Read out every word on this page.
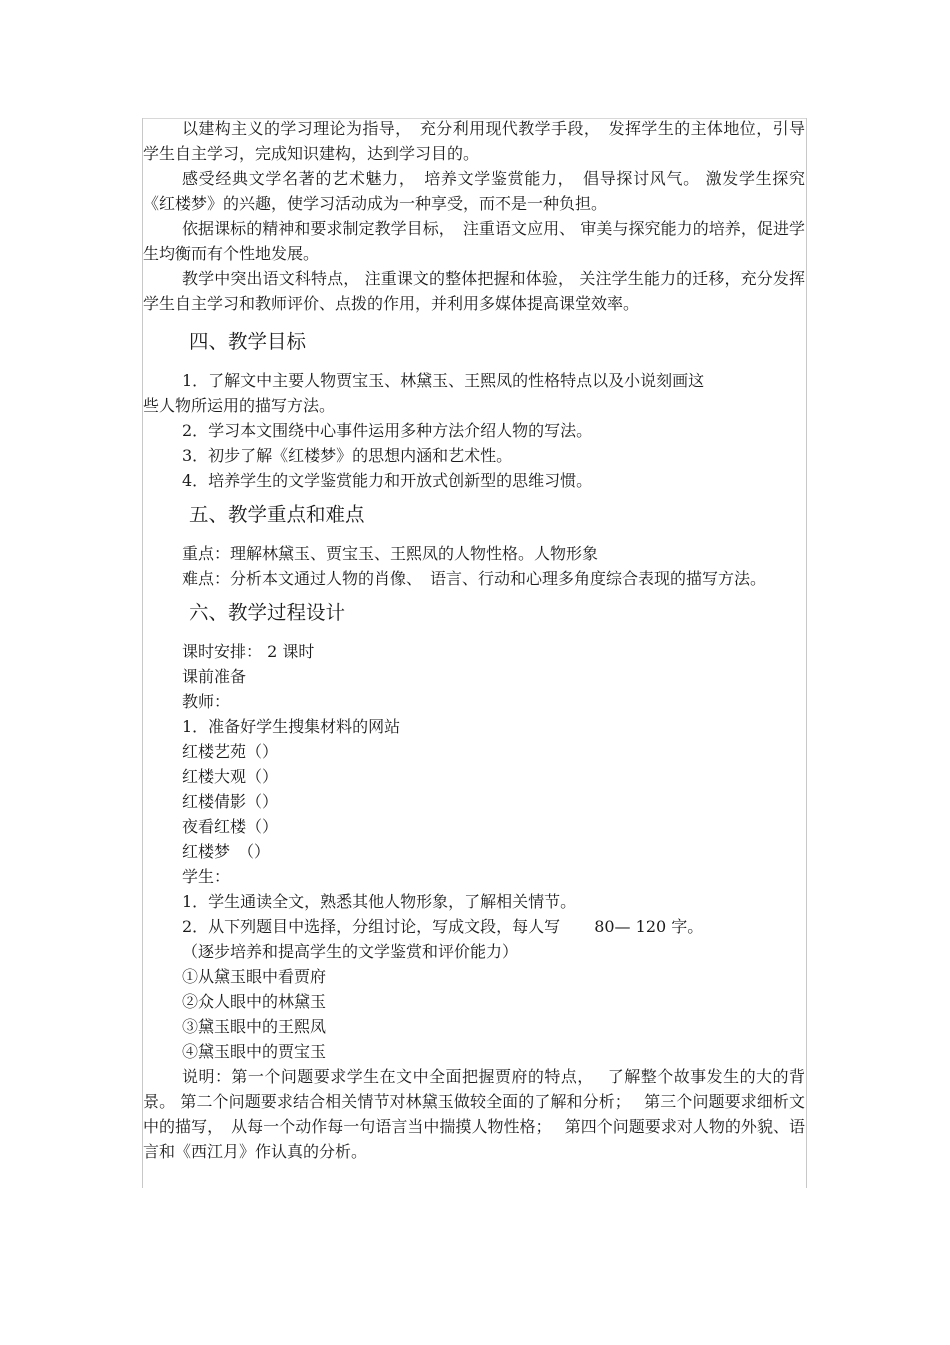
以建构主义的学习理论为指导，　充分利用现代教学手段，　发挥学生的主体地位，引导学生自主学习，完成知识建构，达到学习目的。

感受经典文学名著的艺术魅力，　培养文学鉴赏能力，　倡导探讨风气。 激发学生探究《红楼梦》的兴趣，使学习活动成为一种享受，而不是一种负担。

依据课标的精神和要求制定教学目标，　注重语文应用、 审美与探究能力的培养，促进学生均衡而有个性地发展。

教学中突出语文科特点， 注重课文的整体把握和体验， 关注学生能力的迁移，充分发挥学生自主学习和教师评价、点拨的作用，并利用多媒体提高课堂效率。

四、教学目标

1．了解文中主要人物贾宝玉、林黛玉、王熙凤的性格特点以及小说刻画这

些人物所运用的描写方法。

2．学习本文围绕中心事件运用多种方法介绍人物的写法。

3．初步了解《红楼梦》的思想内涵和艺术性。

4．培养学生的文学鉴赏能力和开放式创新型的思维习惯。

五、教学重点和难点

重点：理解林黛玉、贾宝玉、王熙凤的人物性格。人物形象

难点：分析本文通过人物的肖像、　语言、行动和心理多角度综合表现的描写方法。

六、教学过程设计

课时安排： 2 课时

课前准备

教师：

1．准备好学生搜集材料的网站

红楼艺苑（）

红楼大观（）

红楼倩影（）

夜看红楼（）

红楼梦　（）

学生：

1．学生通读全文，熟悉其他人物形象，了解相关情节。

2．从下列题目中选择，分组讨论，写成文段，每人写 80— 120 字。

（逐步培养和提高学生的文学鉴赏和评价能力）

①从黛玉眼中看贾府

②众人眼中的林黛玉

③黛玉眼中的王熙凤

④黛玉眼中的贾宝玉

说明：第一个问题要求学生在文中全面把握贾府的特点，　 了解整个故事发生的大的背景。 第二个问题要求结合相关情节对林黛玉做较全面的了解和分析；　 第三个问题要求细析文中的描写，　从每一个动作每一句语言当中揣摸人物性格；　 第四个问题要求对人物的外貌、语言和《西江月》作认真的分析。
